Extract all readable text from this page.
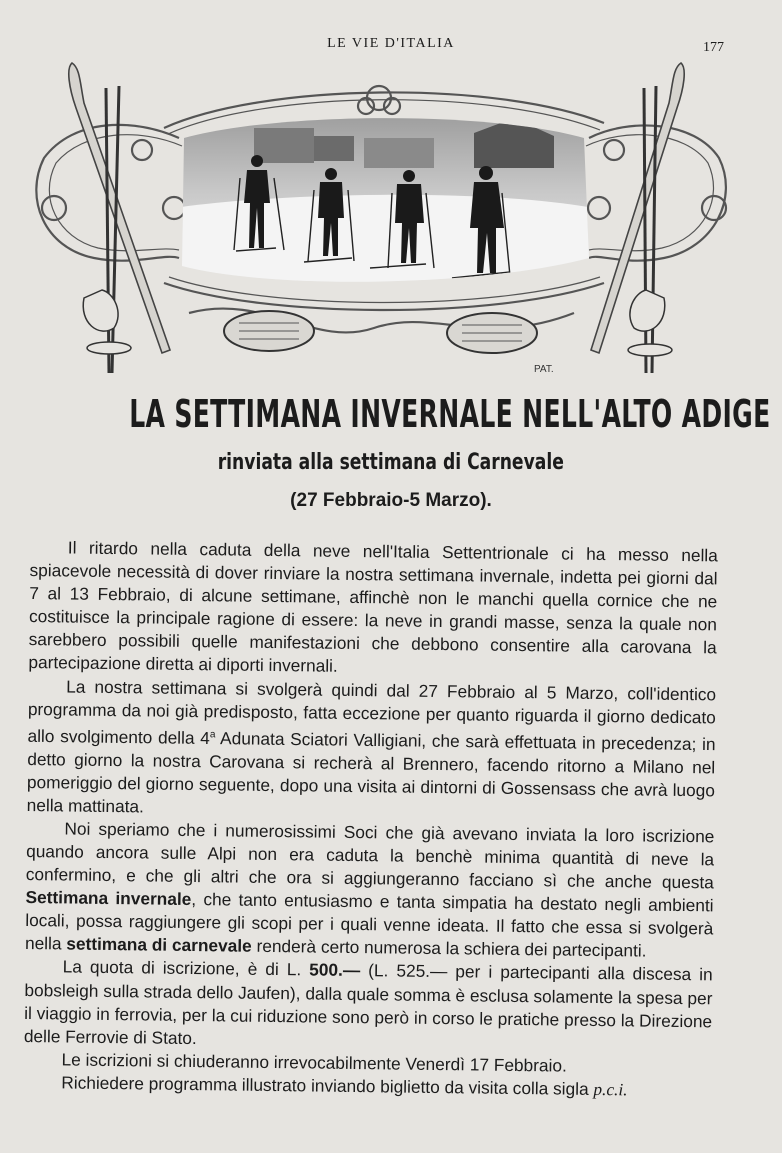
LE VIE D'ITALIA	177
PAT.
LA SETTIMANA INVERNALE NELL'ALTO ADIGE
rinviata alla settimana di Carnevale
(27 Febbraio-5 Marzo).

Il ritardo nella caduta della neve nell'Italia Settentrionale ci ha messo nella spiacevole necessità di dover rinviare la nostra settimana invernale, indetta pei giorni dal 7 al 13 Febbraio, di alcune settimane, affinchè non le manchi quella cornice che ne costituisce la principale ragione di essere: la neve in grandi masse, senza la quale non sarebbero possibili quelle manifestazioni che debbono consentire alla carovana la partecipazione diretta ai diporti invernali.

La nostra settimana si svolgerà quindi dal 27 Febbraio al 5 Marzo, coll'identico programma da noi già predisposto, fatta eccezione per quanto riguarda il giorno dedicato allo svolgimento della 4$^a$ Adunata Sciatori Valligiani, che sarà effettuata in precedenza; in detto giorno la nostra Carovana si recherà al Brennero, facendo ritorno a Milano nel pomeriggio del giorno seguente, dopo una visita ai dintorni di Gossensass che avrà luogo nella mattinata.

Noi speriamo che i numerosissimi Soci che già avevano inviata la loro iscrizione quando ancora sulle Alpi non era caduta la benchè minima quantità di neve la confermino, e che gli altri che ora si aggiungeranno facciano sì che anche questa Settimana invernale, che tanto entusiasmo e tanta simpatia ha destato negli ambienti locali, possa raggiungere gli scopi per i quali venne ideata. Il fatto che essa si svolgerà nella settimana di carnevale renderà certo numerosa la schiera dei partecipanti.

La quota di iscrizione, è di L. 500.— (L. 525.— per i partecipanti alla discesa in bobsleigh sulla strada dello Jaufen), dalla quale somma è esclusa solamente la spesa per il viaggio in ferrovia, per la cui riduzione sono però in corso le pratiche presso la Direzione delle Ferrovie di Stato.

Le iscrizioni si chiuderanno irrevocabilmente Venerdì 17 Febbraio.

Richiedere programma illustrato inviando biglietto da visita colla sigla p.c.i.
